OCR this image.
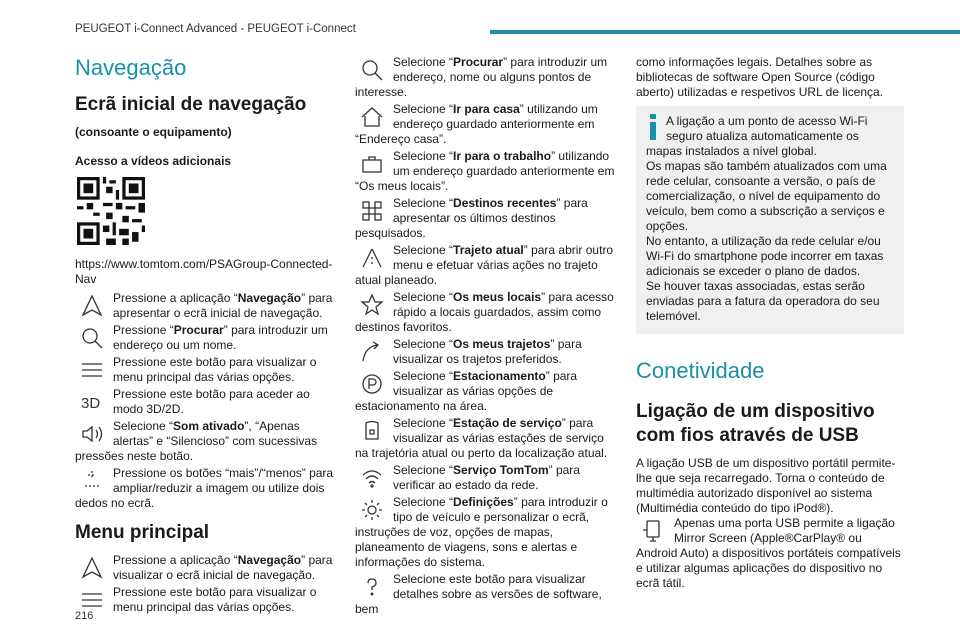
PEUGEOT i-Connect Advanced - PEUGEOT i-Connect
Navegação
Ecrã inicial de navegação

(consoante o equipamento)

Acesso a vídeos adicionais

https://www.tomtom.com/PSAGroup-Connected-Nav

Pressione a aplicação “Navegação” para apresentar o ecrã inicial de navegação.
Pressione “Procurar” para introduzir um endereço ou um nome.
Pressione este botão para visualizar o menu principal das várias opções.
3D
Pressione este botão para aceder ao modo 3D/2D.
Selecione “Som ativado”, “Apenas alertas” e “Silencioso” com sucessivas pressões neste botão.
Pressione os botões “mais”/“menos” para ampliar/reduzir a imagem ou utilize dois dedos no ecrã.
Menu principal
Pressione a aplicação “Navegação” para visualizar o ecrã inicial de navegação.
Pressione este botão para visualizar o menu principal das várias opções.
Selecione “Procurar” para introduzir um endereço, nome ou alguns pontos de interesse.
Selecione “Ir para casa” utilizando um endereço guardado anteriormente em “Endereço casa”.
Selecione “Ir para o trabalho” utilizando um endereço guardado anteriormente em “Os meus locais”.
Selecione “Destinos recentes” para apresentar os últimos destinos pesquisados.
Selecione “Trajeto atual” para abrir outro menu e efetuar várias ações no trajeto atual planeado.
Selecione “Os meus locais” para acesso rápido a locais guardados, assim como destinos favoritos.
Selecione “Os meus trajetos” para visualizar os trajetos preferidos.
Selecione “Estacionamento” para visualizar as várias opções de estacionamento na área.
Selecione “Estação de serviço” para visualizar as várias estações de serviço na trajetória atual ou perto da localização atual.
Selecione “Serviço TomTom” para verificar ao estado da rede.
Selecione “Definições” para introduzir o tipo de veículo e personalizar o ecrã, instruções de voz, opções de mapas, planeamento de viagens, sons e alertas e informações do sistema.
Selecione este botão para visualizar detalhes sobre as versões de software, bem

como informações legais. Detalhes sobre as bibliotecas de software Open Source (código aberto) utilizadas e respetivos URL de licença.

A ligação a um ponto de acesso Wi-Fi seguro atualiza automaticamente os mapas instalados a nível global.
Os mapas são também atualizados com uma rede celular, consoante a versão, o país de comercialização, o nível de equipamento do veículo, bem como a subscrição a serviços e opções.
No entanto, a utilização da rede celular e/ou Wi-Fi do smartphone pode incorrer em taxas adicionais se exceder o plano de dados.
Se houver taxas associadas, estas serão enviadas para a fatura da operadora do seu telemóvel.

Conetividade
Ligação de um dispositivo com fios através de USB

A ligação USB de um dispositivo portátil permite-lhe que seja recarregado. Torna o conteúdo de multimédia autorizado disponível ao sistema (Multimédia conteúdo do tipo iPod®).

Apenas uma porta USB permite a ligação Mirror Screen (Apple®CarPlay® ou Android Auto) a dispositivos portáteis compatíveis e utilizar algumas aplicações do dispositivo no ecrã tátil.
216
